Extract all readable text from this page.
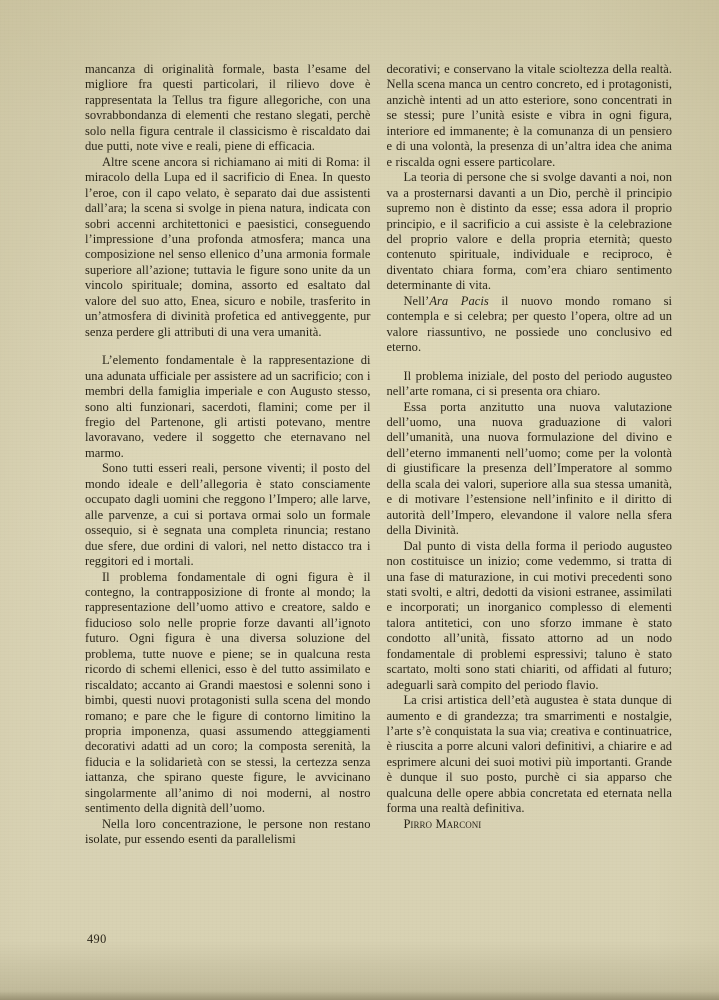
mancanza di originalità formale, basta l’esame del migliore fra questi particolari, il rilievo dove è rappresentata la Tellus tra figure allegoriche, con una sovrabbondanza di elementi che restano slegati, perchè solo nella figura centrale il classicismo è riscaldato dai due putti, note vive e reali, piene di efficacia.

Altre scene ancora si richiamano ai miti di Roma: il miracolo della Lupa ed il sacrificio di Enea. In questo l’eroe, con il capo velato, è separato dai due assistenti dall’ara; la scena si svolge in piena natura, indicata con sobri accenni architettonici e paesistici, conseguendo l’impressione d’una profonda atmosfera; manca una composizione nel senso ellenico d’una armonia formale superiore all’azione; tuttavia le figure sono unite da un vincolo spirituale; domina, assorto ed esaltato dal valore del suo atto, Enea, sicuro e nobile, trasferito in un’atmosfera di divinità profetica ed antiveggente, pur senza perdere gli attributi di una vera umanità.

L’elemento fondamentale è la rappresentazione di una adunata ufficiale per assistere ad un sacrificio; con i membri della famiglia imperiale e con Augusto stesso, sono alti funzionari, sacerdoti, flamini; come per il fregio del Partenone, gli artisti potevano, mentre lavoravano, vedere il soggetto che eternavano nel marmo.

Sono tutti esseri reali, persone viventi; il posto del mondo ideale e dell’allegoria è stato consciamente occupato dagli uomini che reggono l’Impero; alle larve, alle parvenze, a cui si portava ormai solo un formale ossequio, si è segnata una completa rinuncia; restano due sfere, due ordini di valori, nel netto distacco tra i reggitori ed i mortali.

Il problema fondamentale di ogni figura è il contegno, la contrapposizione di fronte al mondo; la rappresentazione dell’uomo attivo e creatore, saldo e fiducioso solo nelle proprie forze davanti all’ignoto futuro. Ogni figura è una diversa soluzione del problema, tutte nuove e piene; se in qualcuna resta ricordo di schemi ellenici, esso è del tutto assimilato e riscaldato; accanto ai Grandi maestosi e solenni sono i bimbi, questi nuovi protagonisti sulla scena del mondo romano; e pare che le figure di contorno limitino la propria imponenza, quasi assumendo atteggiamenti decorativi adatti ad un coro; la composta serenità, la fiducia e la solidarietà con se stessi, la certezza senza iattanza, che spirano queste figure, le avvicinano singolarmente all’animo di noi moderni, al nostro sentimento della dignità dell’uomo.

Nella loro concentrazione, le persone non restano isolate, pur essendo esenti da parallelismi

decorativi; e conservano la vitale scioltezza della realtà. Nella scena manca un centro concreto, ed i protagonisti, anzichè intenti ad un atto esteriore, sono concentrati in se stessi; pure l’unità esiste e vibra in ogni figura, interiore ed immanente; è la comunanza di un pensiero e di una volontà, la presenza di un’altra idea che anima e riscalda ogni essere particolare.

La teoria di persone che si svolge davanti a noi, non va a prosternarsi davanti a un Dio, perchè il principio supremo non è distinto da esse; essa adora il proprio principio, e il sacrificio a cui assiste è la celebrazione del proprio valore e della propria eternità; questo contenuto spirituale, individuale e reciproco, è diventato chiara forma, com’era chiaro sentimento determinante di vita.

Nell’Ara Pacis il nuovo mondo romano si contempla e si celebra; per questo l’opera, oltre ad un valore riassuntivo, ne possiede uno conclusivo ed eterno.

Il problema iniziale, del posto del periodo augusteo nell’arte romana, ci si presenta ora chiaro.

Essa porta anzitutto una nuova valutazione dell’uomo, una nuova graduazione di valori dell’umanità, una nuova formulazione del divino e dell’eterno immanenti nell’uomo; come per la volontà di giustificare la presenza dell’Imperatore al sommo della scala dei valori, superiore alla sua stessa umanità, e di motivare l’estensione nell’infinito e il diritto di autorità dell’Impero, elevandone il valore nella sfera della Divinità.

Dal punto di vista della forma il periodo augusteo non costituisce un inizio; come vedemmo, si tratta di una fase di maturazione, in cui motivi precedenti sono stati svolti, e altri, dedotti da visioni estranee, assimilati e incorporati; un inorganico complesso di elementi talora antitetici, con uno sforzo immane è stato condotto all’unità, fissato attorno ad un nodo fondamentale di problemi espressivi; taluno è stato scartato, molti sono stati chiariti, od affidati al futuro; adeguarli sarà compito del periodo flavio.

La crisi artistica dell’età augustea è stata dunque di aumento e di grandezza; tra smarrimenti e nostalgie, l’arte s’è conquistata la sua via; creativa e continuatrice, è riuscita a porre alcuni valori definitivi, a chiarire e ad esprimere alcuni dei suoi motivi più importanti. Grande è dunque il suo posto, purchè ci sia apparso che qualcuna delle opere abbia concretata ed eternata nella forma una realtà definitiva.

Pirro Marconi

490
